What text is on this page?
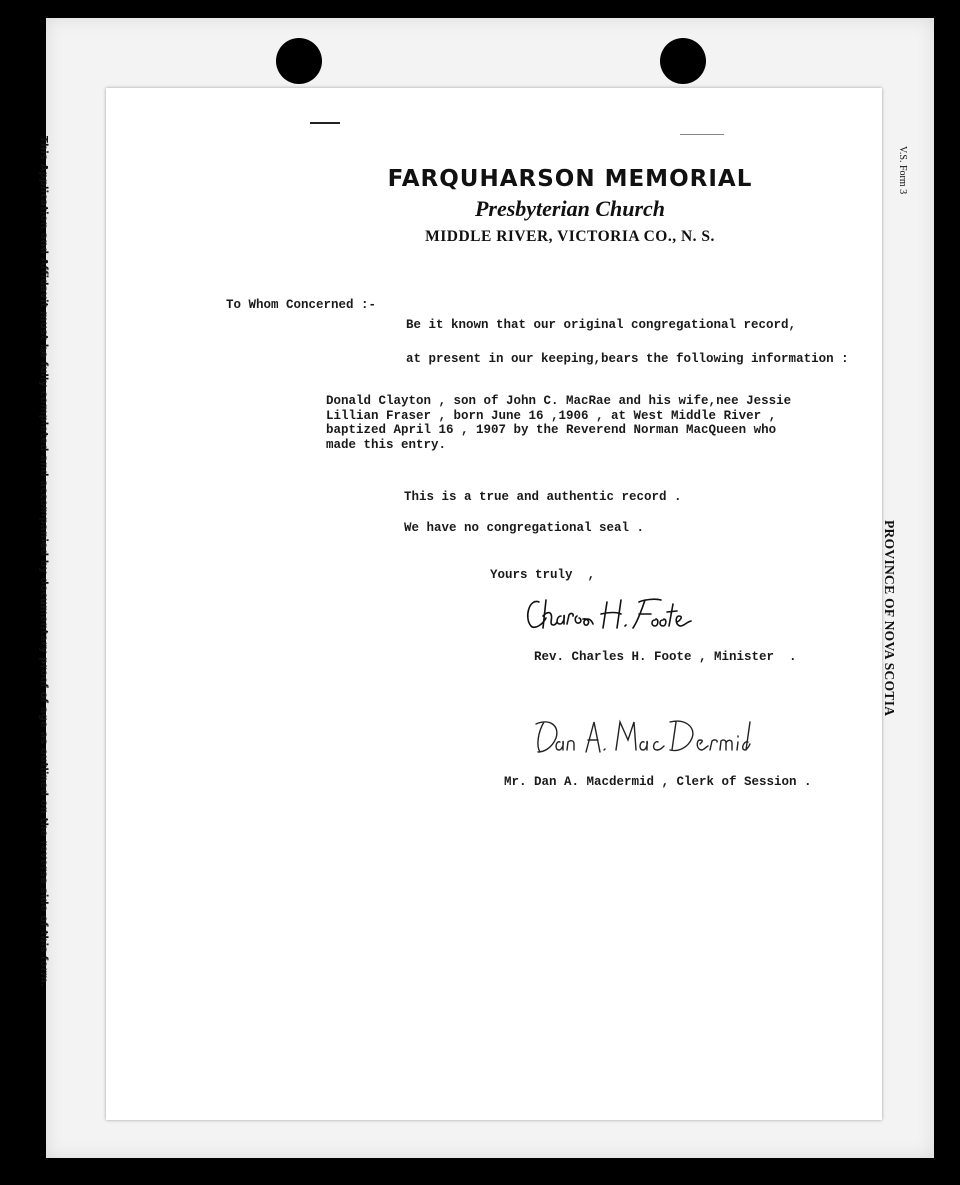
This Application and Affidavit must be fully completed and accompanied by documentary proof of age as outlined on the reverse side of this form.	V.S. Form 3
PROVINCE OF NOVA SCOTIA
FARQUHARSON MEMORIAL
Presbyterian Church
MIDDLE RIVER, VICTORIA CO., N. S.
To Whom Concerned :-
Be it known that our original congregational record,
at present in our keeping,bears the following information :
Donald Clayton , son of John C. MacRae and his wife,nee Jessie
Lillian Fraser , born June 16 ,1906 , at West Middle River ,
baptized April 16 , 1907 by the Reverend Norman MacQueen who
made this entry.
This is a true and authentic record .
We have no congregational seal .
Yours truly  ,
Rev. Charles H. Foote , Minister  .
Mr. Dan A. Macdermid , Clerk of Session .
